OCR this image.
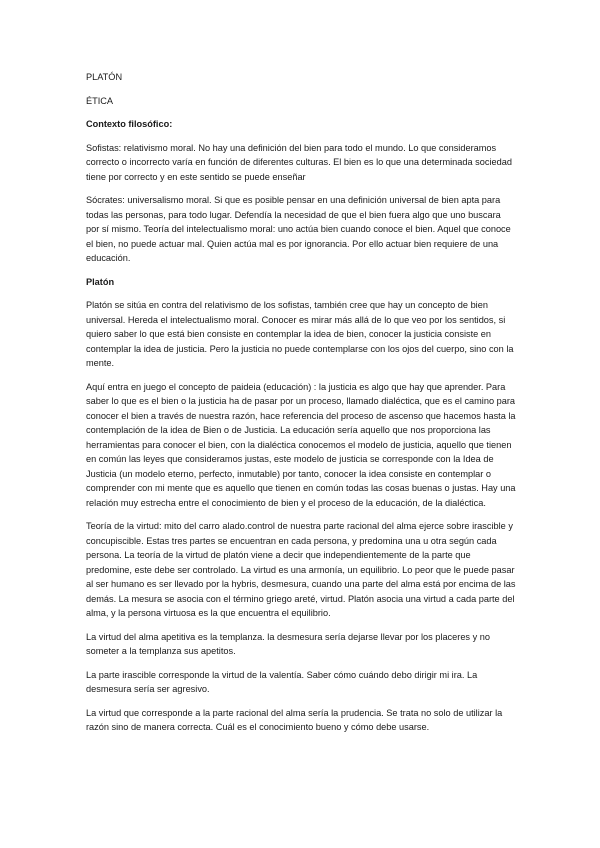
PLATÓN
ÉTICA
Contexto filosófico:

Sofistas: relativismo moral. No hay una definición del bien para todo el mundo. Lo que consideramos correcto o incorrecto varía en función de diferentes culturas. El bien es lo que una determinada sociedad tiene por correcto y en este sentido se puede enseñar

Sócrates: universalismo moral. Si que es posible pensar en una definición universal de bien apta para todas las personas, para todo lugar. Defendía la necesidad de que el bien fuera algo que uno buscara por sí mismo. Teoría del intelectualismo moral: uno actúa bien cuando conoce el bien. Aquel que conoce el bien, no puede actuar mal. Quien actúa mal es por ignorancia. Por ello actuar bien requiere de una educación.

Platón

Platón se sitúa en contra del relativismo de los sofistas, también cree que hay un concepto de bien universal. Hereda el intelectualismo moral. Conocer es mirar más allá de lo que veo por los sentidos, si quiero saber lo que está bien consiste en contemplar la idea de bien, conocer la justicia consiste en contemplar la idea de justicia. Pero la justicia no puede contemplarse con los ojos del cuerpo, sino con la mente.

Aquí entra en juego el concepto de paideia (educación) : la justicia es algo que hay que aprender. Para saber lo que es el bien o la justicia ha de pasar por un proceso, llamado dialéctica, que es el camino para conocer el bien a través de nuestra razón, hace referencia del proceso de ascenso que hacemos hasta la contemplación de la idea de Bien o de Justicia. La educación sería aquello que nos proporciona las herramientas para conocer el bien, con la dialéctica conocemos el modelo de justicia, aquello que tienen en común las leyes que consideramos justas, este modelo de justicia se corresponde con la Idea de Justicia (un modelo eterno, perfecto, inmutable) por tanto, conocer la idea consiste en contemplar o comprender con mi mente que es aquello que tienen en común todas las cosas buenas o justas. Hay una relación muy estrecha entre el conocimiento de bien y el proceso de la educación, de la dialéctica.

Teoría de la virtud: mito del carro alado.control de nuestra parte racional del alma ejerce sobre irascible y concupiscible. Estas tres partes se encuentran en cada persona, y predomina una u otra según cada persona. La teoría de la virtud de platón viene a decir que independientemente de la parte que predomine, este debe ser controlado. La virtud es una armonía, un equilibrio. Lo peor que le puede pasar al ser humano es ser llevado por la hybris, desmesura, cuando una parte del alma está por encima de las demás. La mesura se asocia con el término griego areté, virtud. Platón asocia una virtud a cada parte del alma, y la persona virtuosa es la que encuentra el equilibrio.

La virtud del alma apetitiva es la templanza. la desmesura sería dejarse llevar por los placeres y no someter a la templanza sus apetitos.

La parte irascible corresponde la virtud de la valentía. Saber cómo cuándo debo dirigir mi ira. La desmesura sería ser agresivo.

La virtud que corresponde a la parte racional del alma sería la prudencia. Se trata no solo de utilizar la razón sino de manera correcta. Cuál es el conocimiento bueno y cómo debe usarse.
